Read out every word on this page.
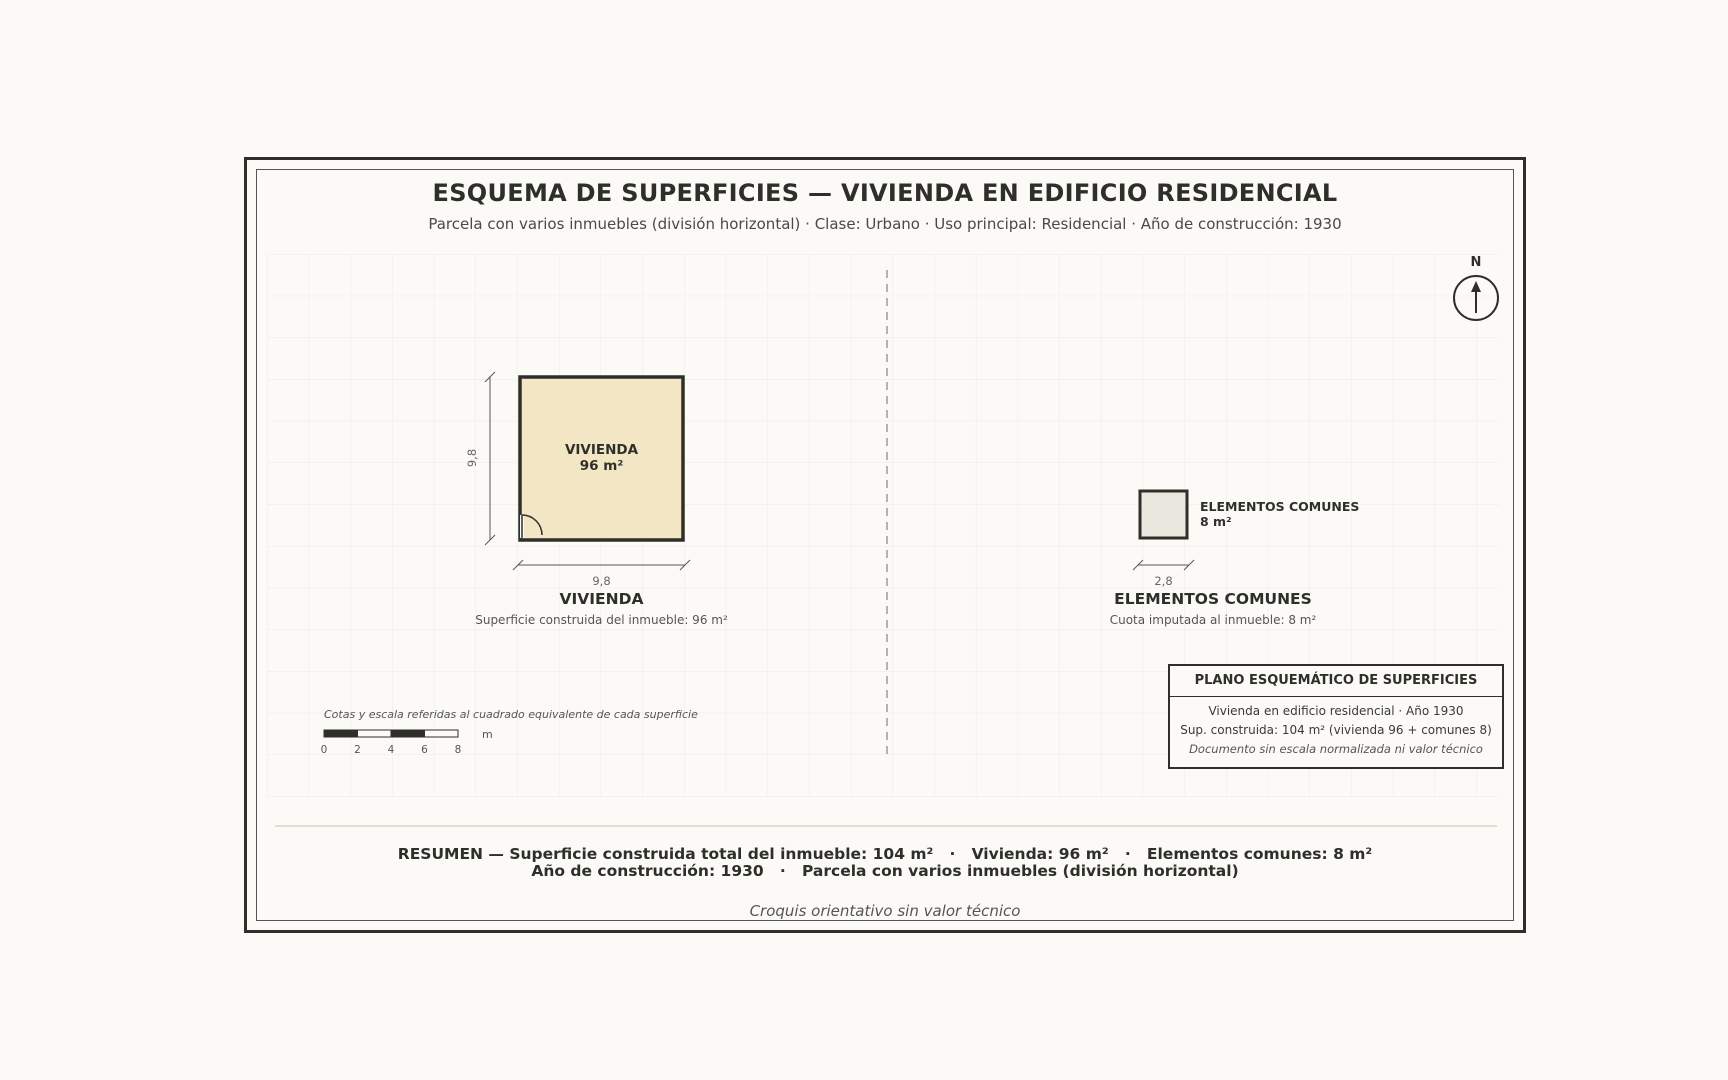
ESQUEMA DE SUPERFICIES — VIVIENDA EN EDIFICIO RESIDENCIAL
Parcela con varios inmuebles (división horizontal) · Clase: Urbano · Uso principal: Residencial · Año de construcción: 1930
N
VIVIENDA
96 m²
9,8
9,8
VIVIENDA
Superficie construida del inmueble: 96 m²
ELEMENTOS COMUNES
8 m²
2,8
ELEMENTOS COMUNES
Cuota imputada al inmueble: 8 m²
Cotas y escala referidas al cuadrado equivalente de cada superficie
m
0	2	4	6	8
PLANO ESQUEMÁTICO DE SUPERFICIES
Vivienda en edificio residencial · Año 1930
Sup. construida: 104 m² (vivienda 96 + comunes 8)
Documento sin escala normalizada ni valor técnico
RESUMEN — Superficie construida total del inmueble: 104 m²   ·   Vivienda: 96 m²   ·   Elementos comunes: 8 m²
Año de construcción: 1930   ·   Parcela con varios inmuebles (división horizontal)
Croquis orientativo sin valor técnico
